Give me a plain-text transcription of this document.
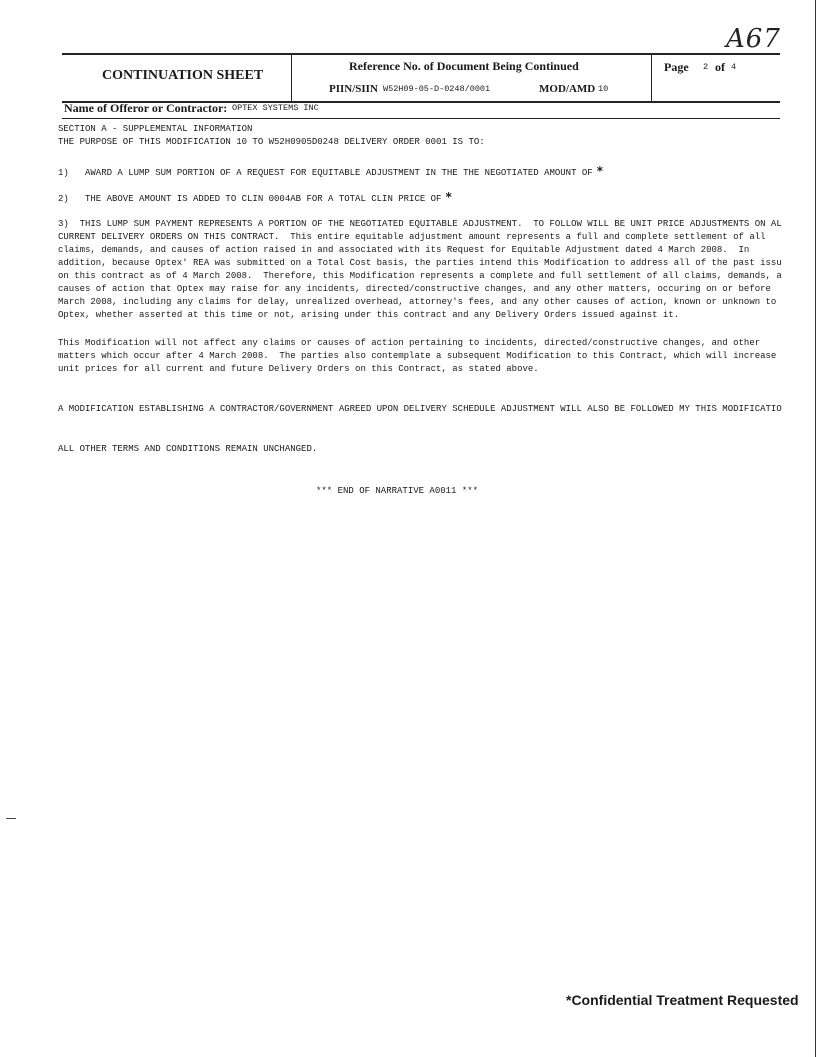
A67
CONTINUATION SHEET
Reference No. of Document Being Continued
PIIN/SIIN W52H09-05-D-0248/0001	MOD/AMD 10
Page 2 of 4
Name of Offeror or Contractor: OPTEX SYSTEMS INC
SECTION A - SUPPLEMENTAL INFORMATION
THE PURPOSE OF THIS MODIFICATION 10 TO W52H0905D0248 DELIVERY ORDER 0001 IS TO:
1)   AWARD A LUMP SUM PORTION OF A REQUEST FOR EQUITABLE ADJUSTMENT IN THE THE NEGOTIATED AMOUNT OF *
2)   THE ABOVE AMOUNT IS ADDED TO CLIN 0004AB FOR A TOTAL CLIN PRICE OF *
3)  THIS LUMP SUM PAYMENT REPRESENTS A PORTION OF THE NEGOTIATED EQUITABLE ADJUSTMENT.  TO FOLLOW WILL BE UNIT PRICE ADJUSTMENTS ON AL
CURRENT DELIVERY ORDERS ON THIS CONTRACT.  This entire equitable adjustment amount represents a full and complete settlement of all
claims, demands, and causes of action raised in and associated with its Request for Equitable Adjustment dated 4 March 2008.  In
addition, because Optex' REA was submitted on a Total Cost basis, the parties intend this Modification to address all of the past issu
on this contract as of 4 March 2008.  Therefore, this Modification represents a complete and full settlement of all claims, demands, a
causes of action that Optex may raise for any incidents, directed/constructive changes, and any other matters, occuring on or before
March 2008, including any claims for delay, unrealized overhead, attorney's fees, and any other causes of action, known or unknown to
Optex, whether asserted at this time or not, arising under this contract and any Delivery Orders issued against it.
This Modification will not affect any claims or causes of action pertaining to incidents, directed/constructive changes, and other
matters which occur after 4 March 2008.  The parties also contemplate a subsequent Modification to this Contract, which will increase
unit prices for all current and future Delivery Orders on this Contract, as stated above.
A MODIFICATION ESTABLISHING A CONTRACTOR/GOVERNMENT AGREED UPON DELIVERY SCHEDULE ADJUSTMENT WILL ALSO BE FOLLOWED MY THIS MODIFICATIO
ALL OTHER TERMS AND CONDITIONS REMAIN UNCHANGED.
*** END OF NARRATIVE A0011 ***
*Confidential Treatment Requested
